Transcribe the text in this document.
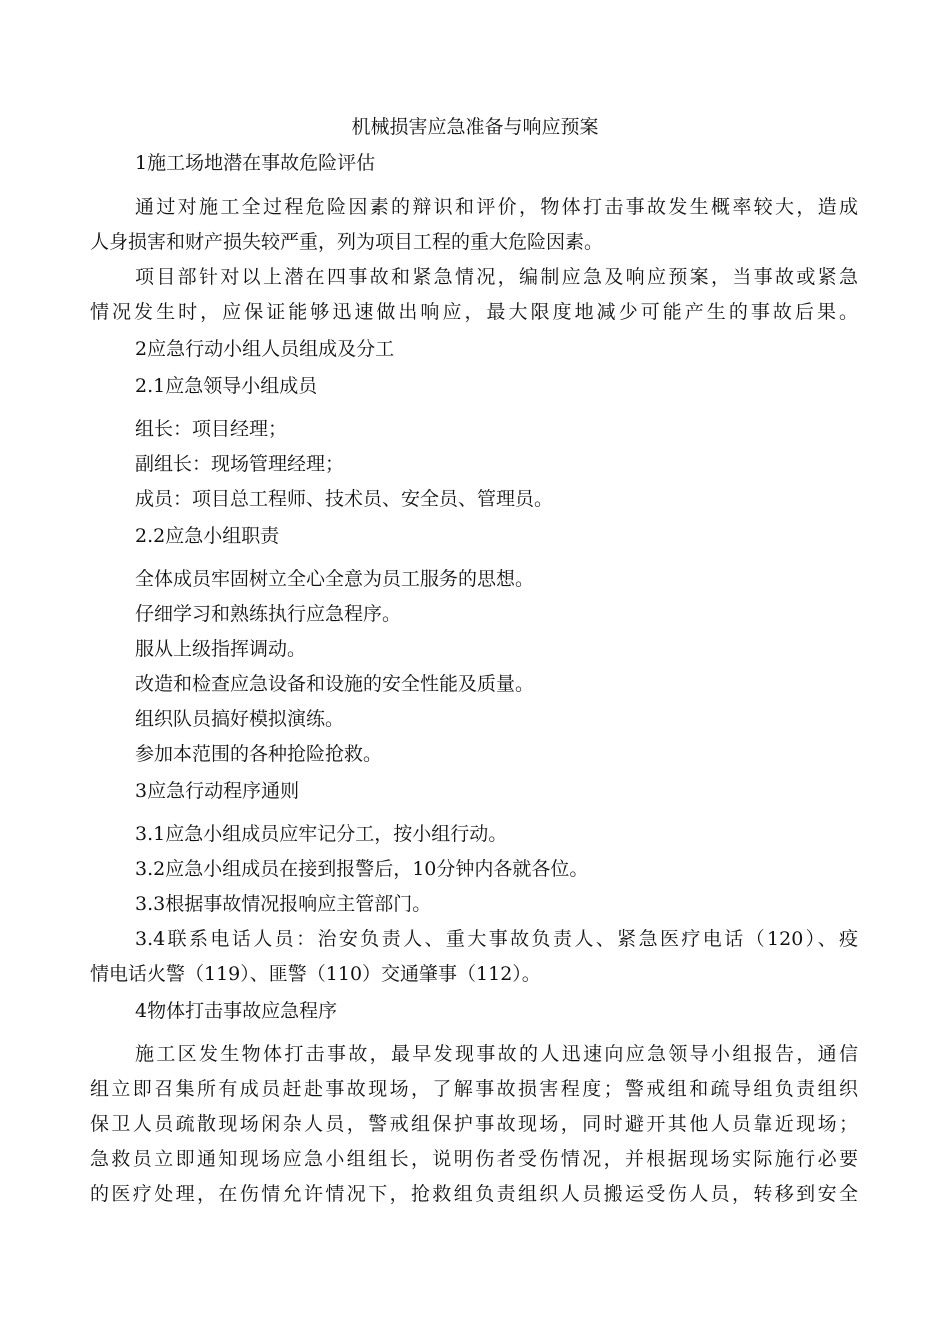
机械损害应急准备与响应预案
1施工场地潜在事故危险评估
通过对施工全过程危险因素的辩识和评价，物体打击事故发生概率较大，造成
人身损害和财产损失较严重，列为项目工程的重大危险因素。
项目部针对以上潜在四事故和紧急情况，编制应急及响应预案，当事故或紧急
情况发生时，应保证能够迅速做出响应，最大限度地减少可能产生的事故后果。
2应急行动小组人员组成及分工
2.1应急领导小组成员
组长：项目经理；
副组长：现场管理经理；
成员：项目总工程师、技术员、安全员、管理员。
2.2应急小组职责
全体成员牢固树立全心全意为员工服务的思想。
仔细学习和熟练执行应急程序。
服从上级指挥调动。
改造和检查应急设备和设施的安全性能及质量。
组织队员搞好模拟演练。
参加本范围的各种抢险抢救。
3应急行动程序通则
3.1应急小组成员应牢记分工，按小组行动。
3.2应急小组成员在接到报警后，10分钟内各就各位。
3.3根据事故情况报响应主管部门。
3.4联系电话人员：治安负责人、重大事故负责人、紧急医疗电话（120）、疫
情电话火警（119）、匪警（110）交通肇事（112）。
4物体打击事故应急程序
施工区发生物体打击事故，最早发现事故的人迅速向应急领导小组报告，通信
组立即召集所有成员赶赴事故现场，了解事故损害程度；警戒组和疏导组负责组织
保卫人员疏散现场闲杂人员，警戒组保护事故现场，同时避开其他人员靠近现场；
急救员立即通知现场应急小组组长，说明伤者受伤情况，并根据现场实际施行必要
的医疗处理，在伤情允许情况下，抢救组负责组织人员搬运受伤人员，转移到安全
